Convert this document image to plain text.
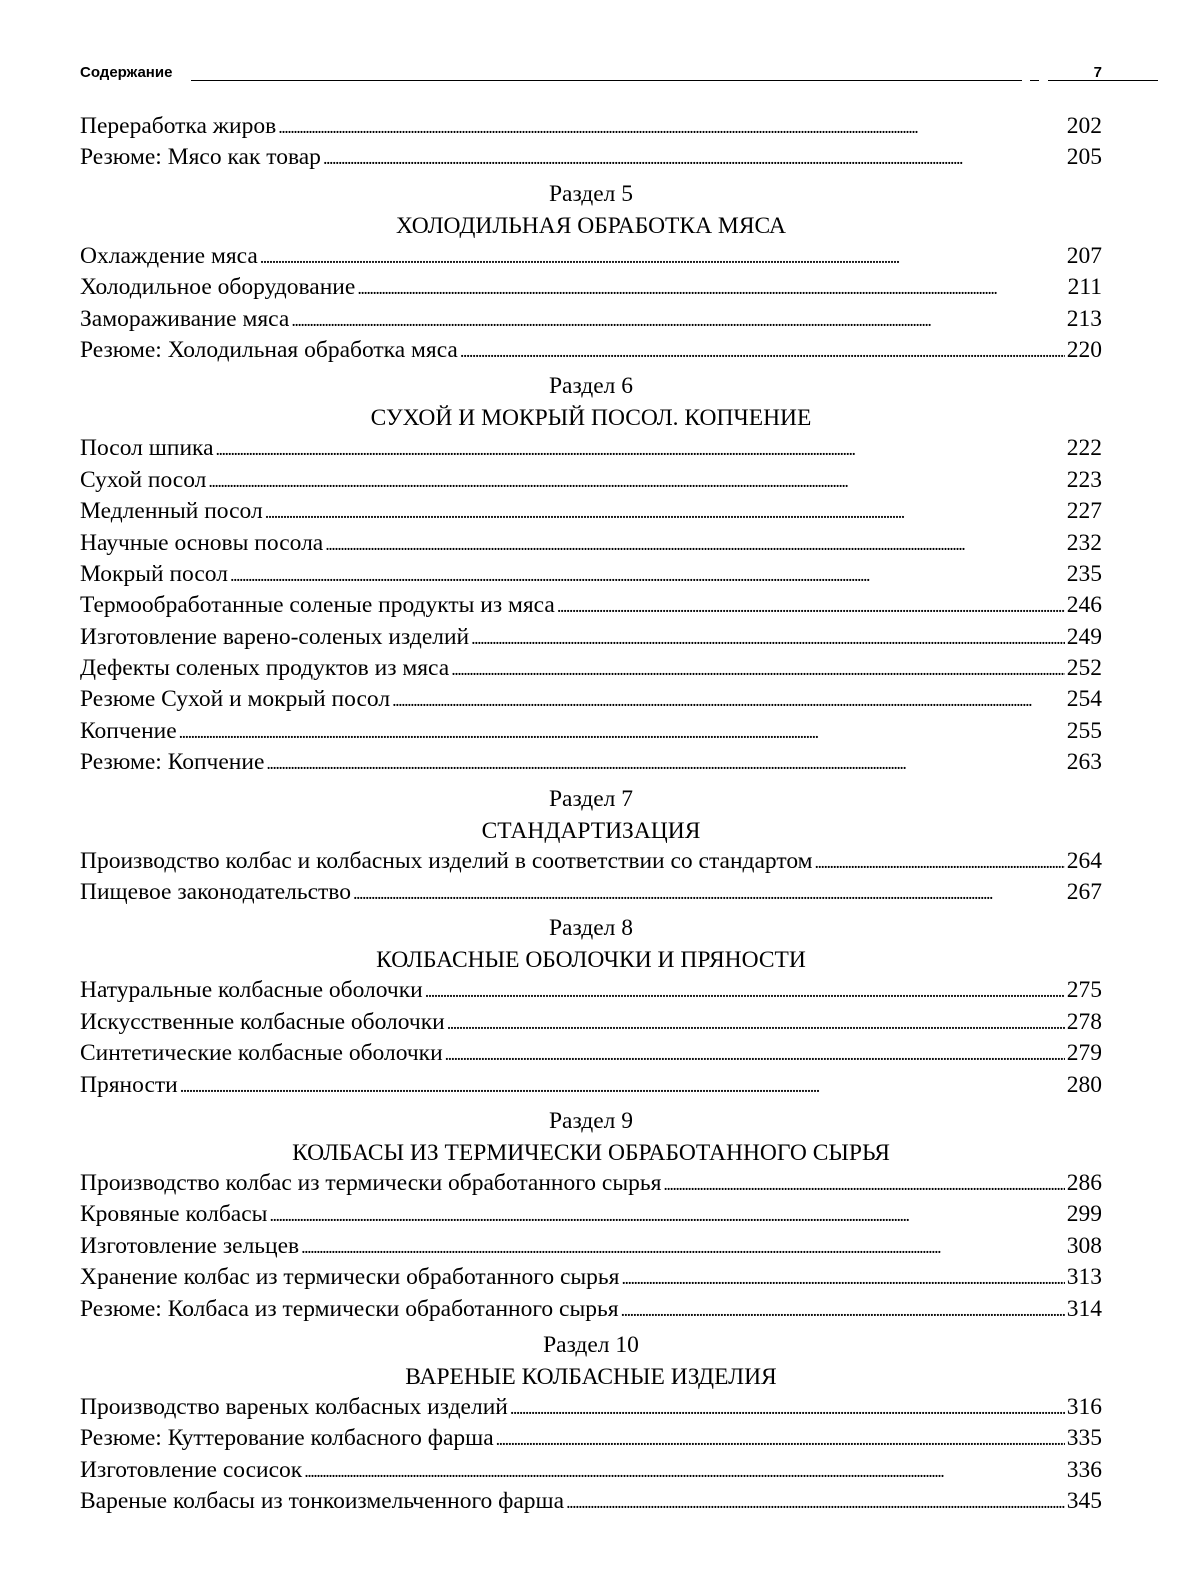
Содержание	7
Переработка жиров . . .	202
Резюме: Мясо как товар . . .	205
Раздел 5
ХОЛОДИЛЬНАЯ ОБРАБОТКА МЯСА
Охлаждение мяса . . .	207
Холодильное оборудование . . .	211
Замораживание мяса . . .	213
Резюме: Холодильная обработка мяса . . .	220
Раздел 6
СУХОЙ И МОКРЫЙ ПОСОЛ. КОПЧЕНИЕ
Посол шпика . . .	222
Сухой посол . . .	223
Медленный посол . . .	227
Научные основы посола . . .	232
Мокрый посол . . .	235
Термообработанные соленые продукты из мяса . . .	246
Изготовление варено-соленых изделий . . .	249
Дефекты соленых продуктов из мяса . . .	252
Резюме Сухой и мокрый посол . . .	254
Копчение . . .	255
Резюме: Копчение . . .	263
Раздел 7
СТАНДАРТИЗАЦИЯ
Производство колбас и колбасных изделий в соответствии со стандартом . . .	264
Пищевое законодательство . . .	267
Раздел 8
КОЛБАСНЫЕ ОБОЛОЧКИ И ПРЯНОСТИ
Натуральные колбасные оболочки . . .	275
Искусственные колбасные оболочки . . .	278
Синтетические колбасные оболочки . . .	279
Пряности . . .	280
Раздел 9
КОЛБАСЫ ИЗ ТЕРМИЧЕСКИ ОБРАБОТАННОГО СЫРЬЯ
Производство колбас из термически обработанного сырья . . .	286
Кровяные колбасы . . .	299
Изготовление зельцев . . .	308
Хранение колбас из термически обработанного сырья . . .	313
Резюме: Колбаса из термически обработанного сырья . . .	314
Раздел 10
ВАРЕНЫЕ КОЛБАСНЫЕ ИЗДЕЛИЯ
Производство вареных колбасных изделий . . .	316
Резюме: Куттерование колбасного фарша . . .	335
Изготовление сосисок . . .	336
Вареные колбасы из тонкоизмельченного фарша . . .	345
